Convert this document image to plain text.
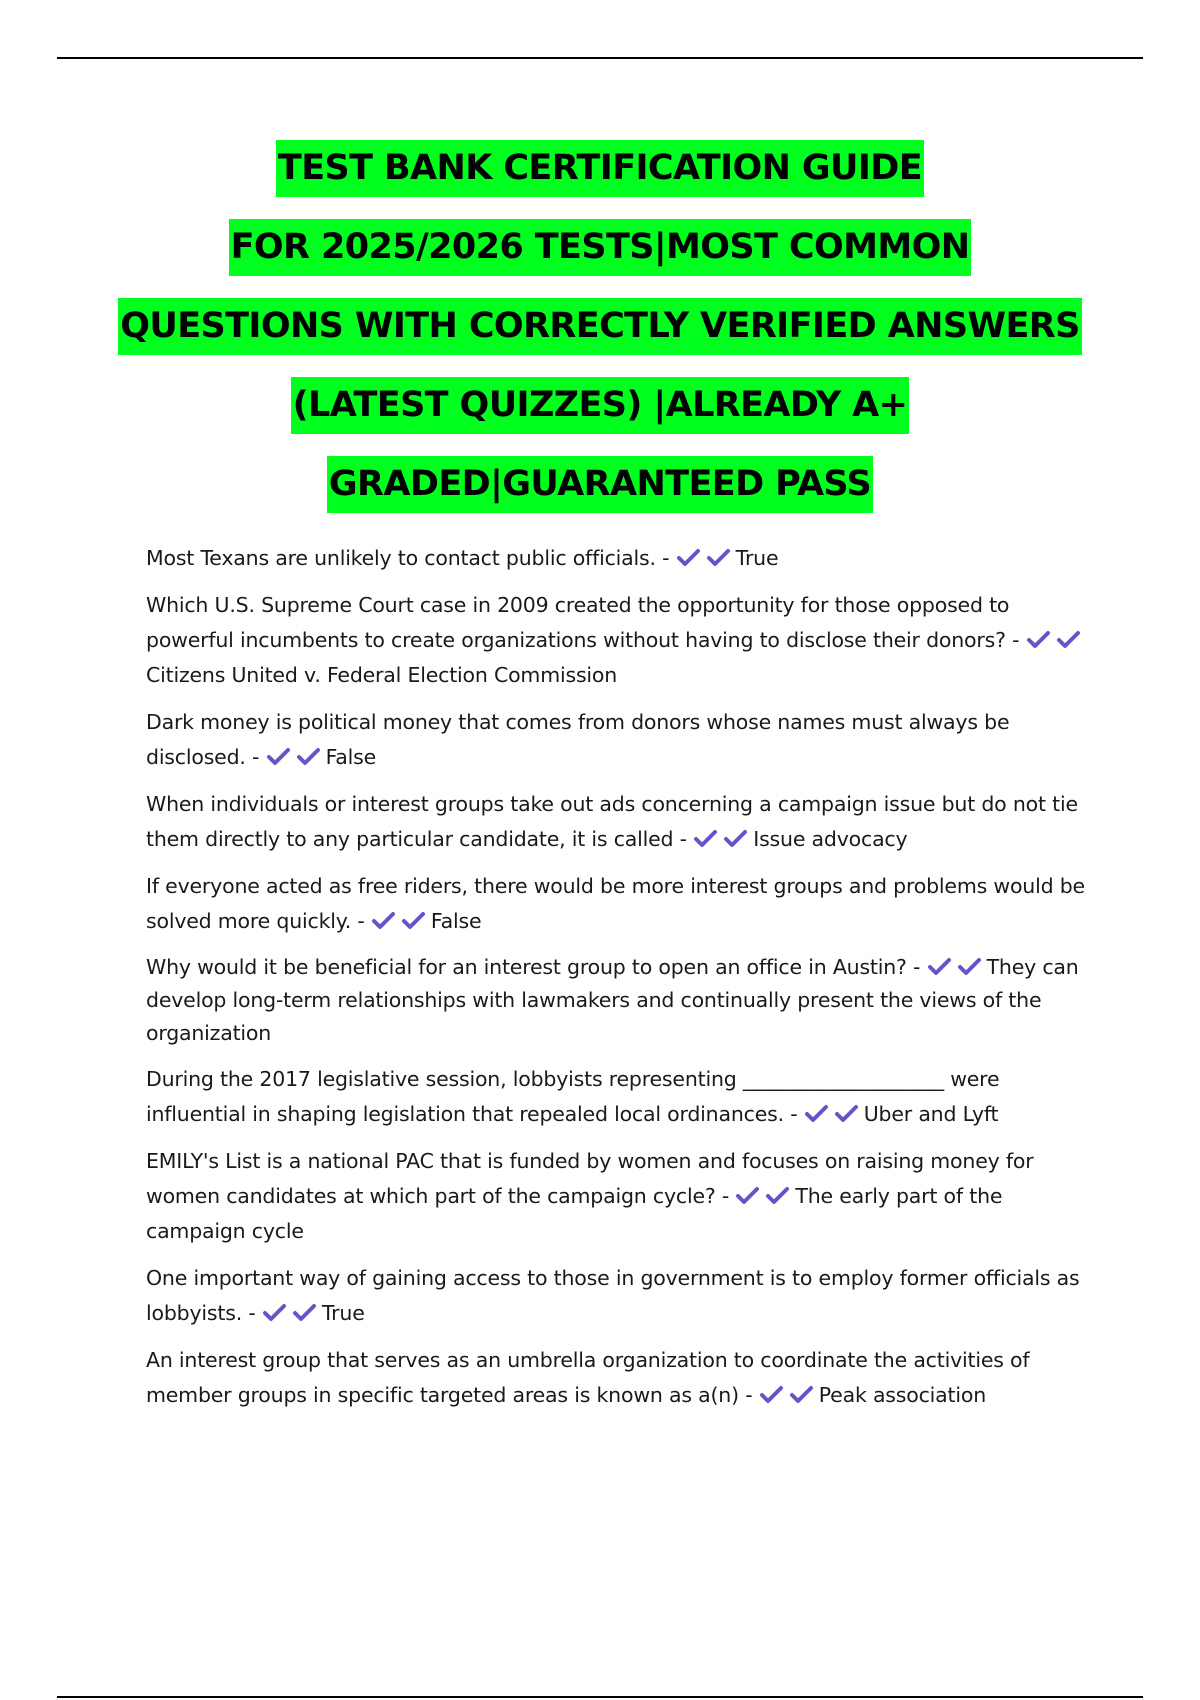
TEST BANK CERTIFICATION GUIDE
FOR 2025/2026 TESTS|MOST COMMON
QUESTIONS WITH CORRECTLY VERIFIED ANSWERS
(LATEST QUIZZES) |ALREADY A+
GRADED|GUARANTEED PASS
Most Texans are unlikely to contact public officials. -	True
Which U.S. Supreme Court case in 2009 created the opportunity for those opposed to powerful incumbents to create organizations without having to disclose their donors? -
Citizens United v. Federal Election Commission
Dark money is political money that comes from donors whose names must always be disclosed. -	False
When individuals or interest groups take out ads concerning a campaign issue but do not tie them directly to any particular candidate, it is called -	Issue advocacy
If everyone acted as free riders, there would be more interest groups and problems would be solved more quickly. -	False
Why would it be beneficial for an interest group to open an office in Austin? -	They can develop long-term relationships with lawmakers and continually present the views of the organization
During the 2017 legislative session, lobbyists representing ____________________ were influential in shaping legislation that repealed local ordinances. -	Uber and Lyft
EMILY's List is a national PAC that is funded by women and focuses on raising money for women candidates at which part of the campaign cycle? -	The early part of the campaign cycle
One important way of gaining access to those in government is to employ former officials as lobbyists. -	True
An interest group that serves as an umbrella organization to coordinate the activities of member groups in specific targeted areas is known as a(n) -	Peak association
